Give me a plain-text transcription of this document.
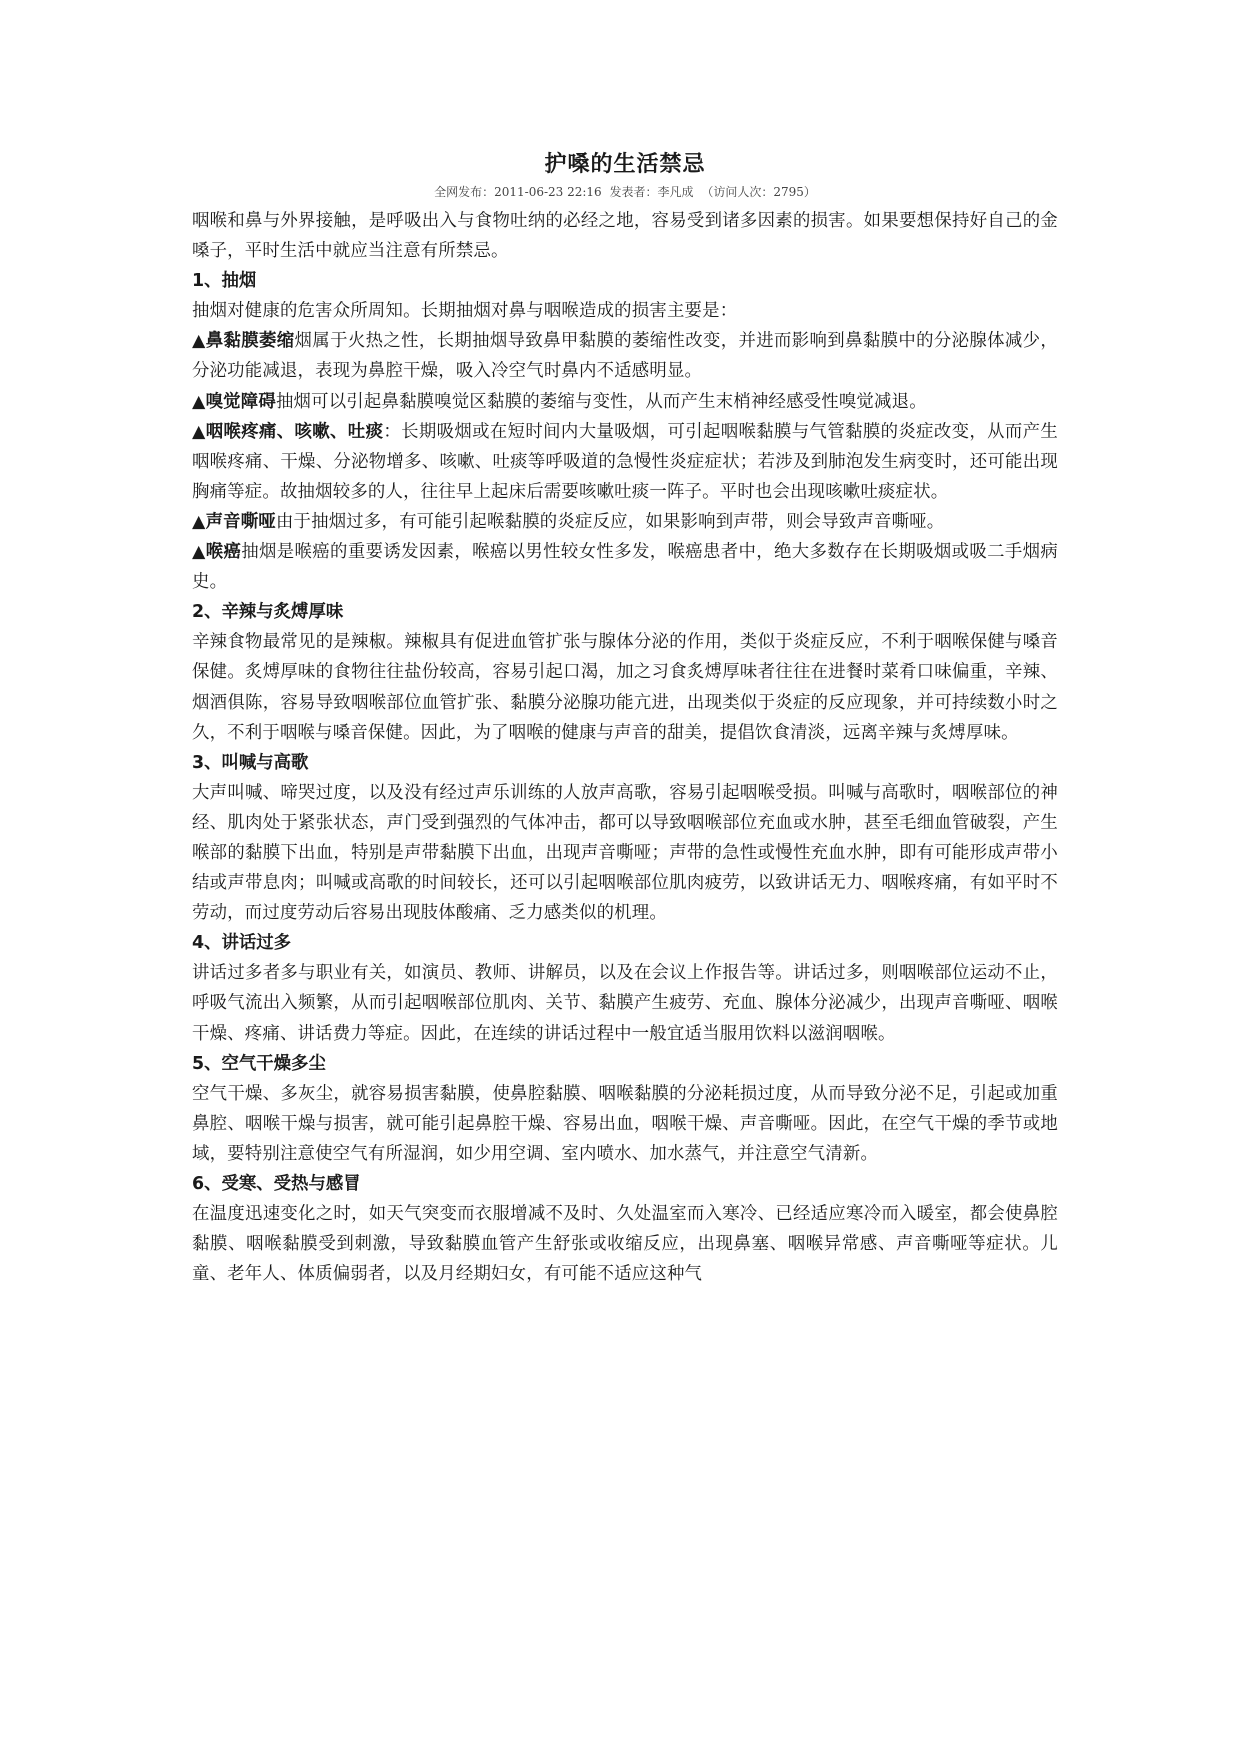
护嗓的生活禁忌
全网发布：2011-06-23 22:16 发表者：李凡成 （访问人次：2795）

咽喉和鼻与外界接触，是呼吸出入与食物吐纳的必经之地，容易受到诸多因素的损害。如果要想保持好自己的金嗓子，平时生活中就应当注意有所禁忌。

1、抽烟

抽烟对健康的危害众所周知。长期抽烟对鼻与咽喉造成的损害主要是：

▲鼻黏膜萎缩烟属于火热之性，长期抽烟导致鼻甲黏膜的萎缩性改变，并进而影响到鼻黏膜中的分泌腺体减少，分泌功能减退，表现为鼻腔干燥，吸入冷空气时鼻内不适感明显。

▲嗅觉障碍抽烟可以引起鼻黏膜嗅觉区黏膜的萎缩与变性，从而产生末梢神经感受性嗅觉减退。

▲咽喉疼痛、咳嗽、吐痰：长期吸烟或在短时间内大量吸烟，可引起咽喉黏膜与气管黏膜的炎症改变，从而产生咽喉疼痛、干燥、分泌物增多、咳嗽、吐痰等呼吸道的急慢性炎症症状；若涉及到肺泡发生病变时，还可能出现胸痛等症。故抽烟较多的人，往往早上起床后需要咳嗽吐痰一阵子。平时也会出现咳嗽吐痰症状。

▲声音嘶哑由于抽烟过多，有可能引起喉黏膜的炎症反应，如果影响到声带，则会导致声音嘶哑。

▲喉癌抽烟是喉癌的重要诱发因素，喉癌以男性较女性多发，喉癌患者中，绝大多数存在长期吸烟或吸二手烟病史。

2、辛辣与炙煿厚味

辛辣食物最常见的是辣椒。辣椒具有促进血管扩张与腺体分泌的作用，类似于炎症反应，不利于咽喉保健与嗓音保健。炙煿厚味的食物往往盐份较高，容易引起口渴，加之习食炙煿厚味者往往在进餐时菜肴口味偏重，辛辣、烟酒俱陈，容易导致咽喉部位血管扩张、黏膜分泌腺功能亢进，出现类似于炎症的反应现象，并可持续数小时之久，不利于咽喉与嗓音保健。因此，为了咽喉的健康与声音的甜美，提倡饮食清淡，远离辛辣与炙煿厚味。

3、叫喊与高歌

大声叫喊、啼哭过度，以及没有经过声乐训练的人放声高歌，容易引起咽喉受损。叫喊与高歌时，咽喉部位的神经、肌肉处于紧张状态，声门受到强烈的气体冲击，都可以导致咽喉部位充血或水肿，甚至毛细血管破裂，产生喉部的黏膜下出血，特别是声带黏膜下出血，出现声音嘶哑；声带的急性或慢性充血水肿，即有可能形成声带小结或声带息肉；叫喊或高歌的时间较长，还可以引起咽喉部位肌肉疲劳，以致讲话无力、咽喉疼痛，有如平时不劳动，而过度劳动后容易出现肢体酸痛、乏力感类似的机理。

4、讲话过多

讲话过多者多与职业有关，如演员、教师、讲解员，以及在会议上作报告等。讲话过多，则咽喉部位运动不止，呼吸气流出入频繁，从而引起咽喉部位肌肉、关节、黏膜产生疲劳、充血、腺体分泌减少，出现声音嘶哑、咽喉干燥、疼痛、讲话费力等症。因此，在连续的讲话过程中一般宜适当服用饮料以滋润咽喉。

5、空气干燥多尘

空气干燥、多灰尘，就容易损害黏膜，使鼻腔黏膜、咽喉黏膜的分泌耗损过度，从而导致分泌不足，引起或加重鼻腔、咽喉干燥与损害，就可能引起鼻腔干燥、容易出血，咽喉干燥、声音嘶哑。因此，在空气干燥的季节或地域，要特别注意使空气有所湿润，如少用空调、室内喷水、加水蒸气，并注意空气清新。

6、受寒、受热与感冒

在温度迅速变化之时，如天气突变而衣服增减不及时、久处温室而入寒冷、已经适应寒冷而入暖室，都会使鼻腔黏膜、咽喉黏膜受到刺激，导致黏膜血管产生舒张或收缩反应，出现鼻塞、咽喉异常感、声音嘶哑等症状。儿童、老年人、体质偏弱者，以及月经期妇女，有可能不适应这种气
